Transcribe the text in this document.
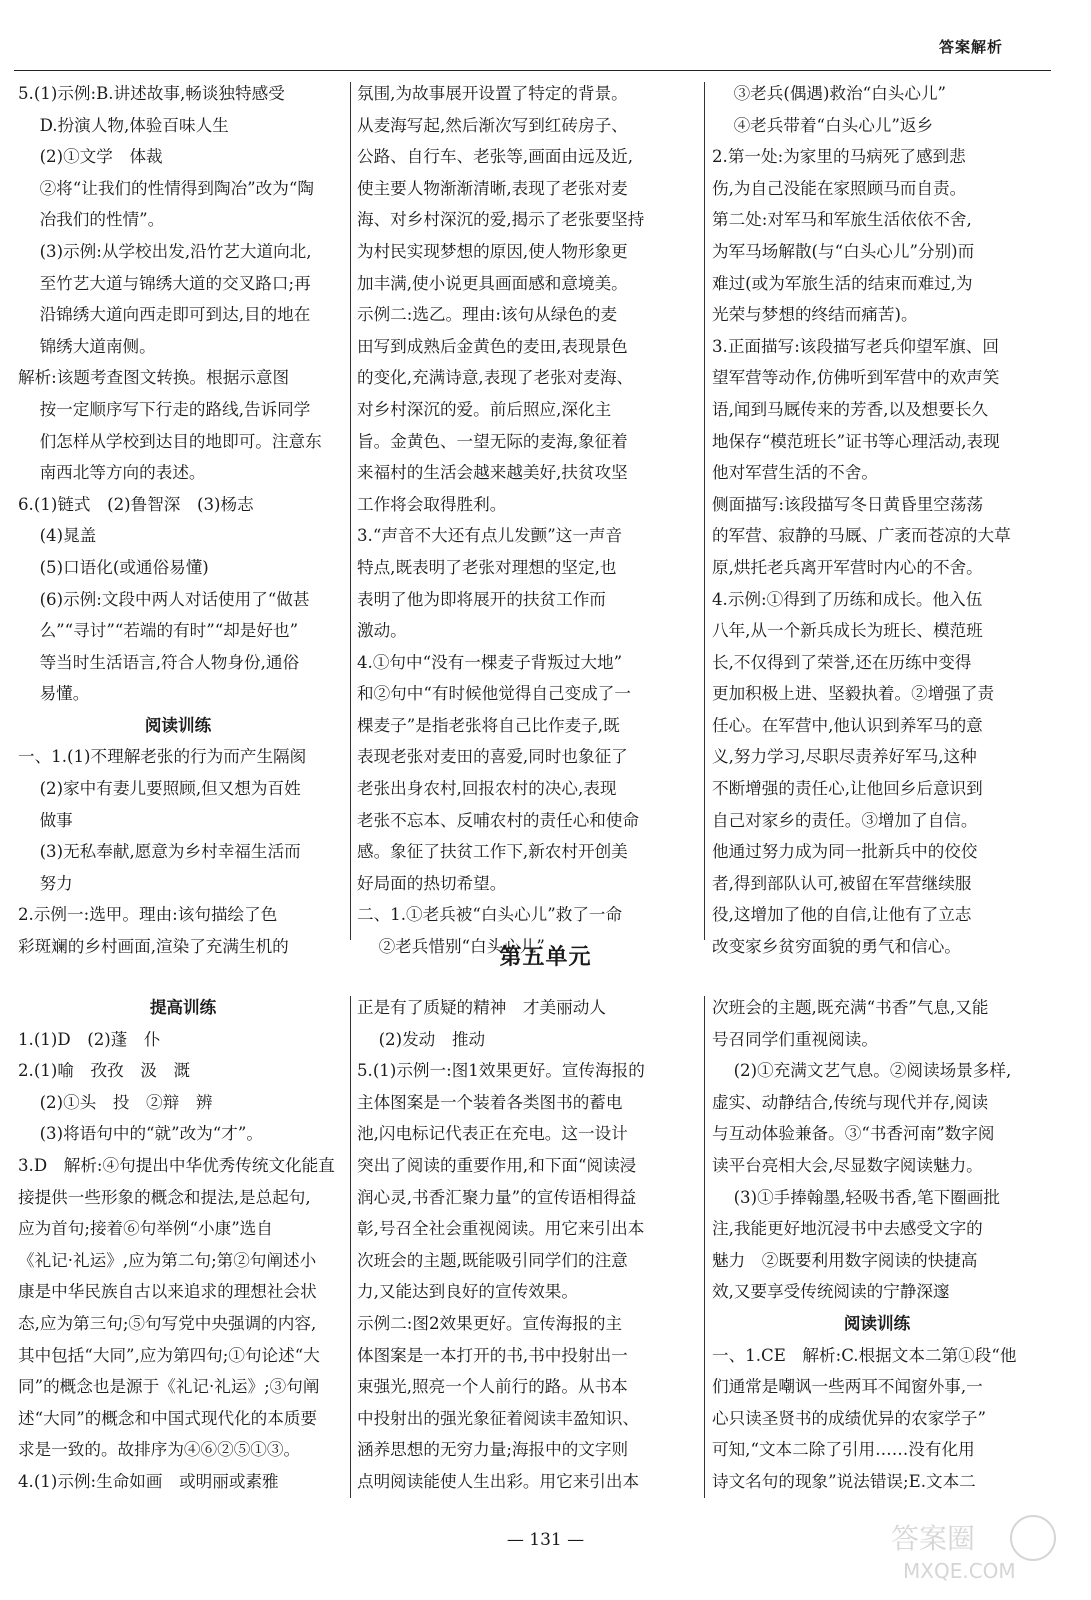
答案解析
5.(1)示例:B.讲述故事,畅谈独特感受
D.扮演人物,体验百味人生
(2)①文学　体裁
②将“让我们的性情得到陶冶”改为“陶
冶我们的性情”。
(3)示例:从学校出发,沿竹艺大道向北,
至竹艺大道与锦绣大道的交叉路口;再
沿锦绣大道向西走即可到达,目的地在
锦绣大道南侧。
解析:该题考查图文转换。根据示意图
按一定顺序写下行走的路线,告诉同学
们怎样从学校到达目的地即可。注意东
南西北等方向的表述。
6.(1)链式　(2)鲁智深　(3)杨志
(4)晁盖
(5)口语化(或通俗易懂)
(6)示例:文段中两人对话使用了“做甚
么”“寻讨”“若端的有时”“却是好也”
等当时生活语言,符合人物身份,通俗
易懂。
阅读训练
一、1.(1)不理解老张的行为而产生隔阂
(2)家中有妻儿要照顾,但又想为百姓
做事
(3)无私奉献,愿意为乡村幸福生活而
努力
2.示例一:选甲。理由:该句描绘了色
彩斑斓的乡村画面,渲染了充满生机的
氛围,为故事展开设置了特定的背景。
从麦海写起,然后渐次写到红砖房子、
公路、自行车、老张等,画面由远及近,
使主要人物渐渐清晰,表现了老张对麦
海、对乡村深沉的爱,揭示了老张要坚持
为村民实现梦想的原因,使人物形象更
加丰满,使小说更具画面感和意境美。
示例二:选乙。理由:该句从绿色的麦
田写到成熟后金黄色的麦田,表现景色
的变化,充满诗意,表现了老张对麦海、
对乡村深沉的爱。前后照应,深化主
旨。金黄色、一望无际的麦海,象征着
来福村的生活会越来越美好,扶贫攻坚
工作将会取得胜利。
3.“声音不大还有点儿发颤”这一声音
特点,既表明了老张对理想的坚定,也
表明了他为即将展开的扶贫工作而
激动。
4.①句中“没有一棵麦子背叛过大地”
和②句中“有时候他觉得自己变成了一
棵麦子”是指老张将自己比作麦子,既
表现老张对麦田的喜爱,同时也象征了
老张出身农村,回报农村的决心,表现
老张不忘本、反哺农村的责任心和使命
感。象征了扶贫工作下,新农村开创美
好局面的热切希望。
二、1.①老兵被“白头心儿”救了一命
②老兵惜别“白头心儿”
③老兵(偶遇)救治“白头心儿”
④老兵带着“白头心儿”返乡
2.第一处:为家里的马病死了感到悲
伤,为自己没能在家照顾马而自责。
第二处:对军马和军旅生活依依不舍,
为军马场解散(与“白头心儿”分别)而
难过(或为军旅生活的结束而难过,为
光荣与梦想的终结而痛苦)。
3.正面描写:该段描写老兵仰望军旗、回
望军营等动作,仿佛听到军营中的欢声笑
语,闻到马厩传来的芳香,以及想要长久
地保存“模范班长”证书等心理活动,表现
他对军营生活的不舍。
侧面描写:该段描写冬日黄昏里空荡荡
的军营、寂静的马厩、广袤而苍凉的大草
原,烘托老兵离开军营时内心的不舍。
4.示例:①得到了历练和成长。他入伍
八年,从一个新兵成长为班长、模范班
长,不仅得到了荣誉,还在历练中变得
更加积极上进、坚毅执着。②增强了责
任心。在军营中,他认识到养军马的意
义,努力学习,尽职尽责养好军马,这种
不断增强的责任心,让他回乡后意识到
自己对家乡的责任。③增加了自信。
他通过努力成为同一批新兵中的佼佼
者,得到部队认可,被留在军营继续服
役,这增加了他的自信,让他有了立志
改变家乡贫穷面貌的勇气和信心。
第五单元
提高训练
1.(1)D　(2)蓬　仆
2.(1)喻　孜孜　汲　溉
(2)①头　投　②辩　辨
(3)将语句中的“就”改为“才”。
3.D　解析:④句提出中华优秀传统文化能直
接提供一些形象的概念和提法,是总起句,
应为首句;接着⑥句举例“小康”选自
《礼记·礼运》,应为第二句;第②句阐述小
康是中华民族自古以来追求的理想社会状
态,应为第三句;⑤句写党中央强调的内容,
其中包括“大同”,应为第四句;①句论述“大
同”的概念也是源于《礼记·礼运》;③句阐
述“大同”的概念和中国式现代化的本质要
求是一致的。故排序为④⑥②⑤①③。
4.(1)示例:生命如画　或明丽或素雅
正是有了质疑的精神　才美丽动人
(2)发动　推动
5.(1)示例一:图1效果更好。宣传海报的
主体图案是一个装着各类图书的蓄电
池,闪电标记代表正在充电。这一设计
突出了阅读的重要作用,和下面“阅读浸
润心灵,书香汇聚力量”的宣传语相得益
彰,号召全社会重视阅读。用它来引出本
次班会的主题,既能吸引同学们的注意
力,又能达到良好的宣传效果。
示例二:图2效果更好。宣传海报的主
体图案是一本打开的书,书中投射出一
束强光,照亮一个人前行的路。从书本
中投射出的强光象征着阅读丰盈知识、
涵养思想的无穷力量;海报中的文字则
点明阅读能使人生出彩。用它来引出本
次班会的主题,既充满“书香”气息,又能
号召同学们重视阅读。
(2)①充满文艺气息。②阅读场景多样,
虚实、动静结合,传统与现代并存,阅读
与互动体验兼备。③“书香河南”数字阅
读平台亮相大会,尽显数字阅读魅力。
(3)①手捧翰墨,轻吸书香,笔下圈画批
注,我能更好地沉浸书中去感受文字的
魅力　②既要利用数字阅读的快捷高
效,又要享受传统阅读的宁静深邃
阅读训练
一、1.CE　解析:C.根据文本二第①段“他
们通常是嘲讽一些两耳不闻窗外事,一
心只读圣贤书的成绩优异的农家学子”
可知,“文本二除了引用……没有化用
诗文名句的现象”说法错误;E.文本二
— 131 —	答案圈
MXQE.COM
